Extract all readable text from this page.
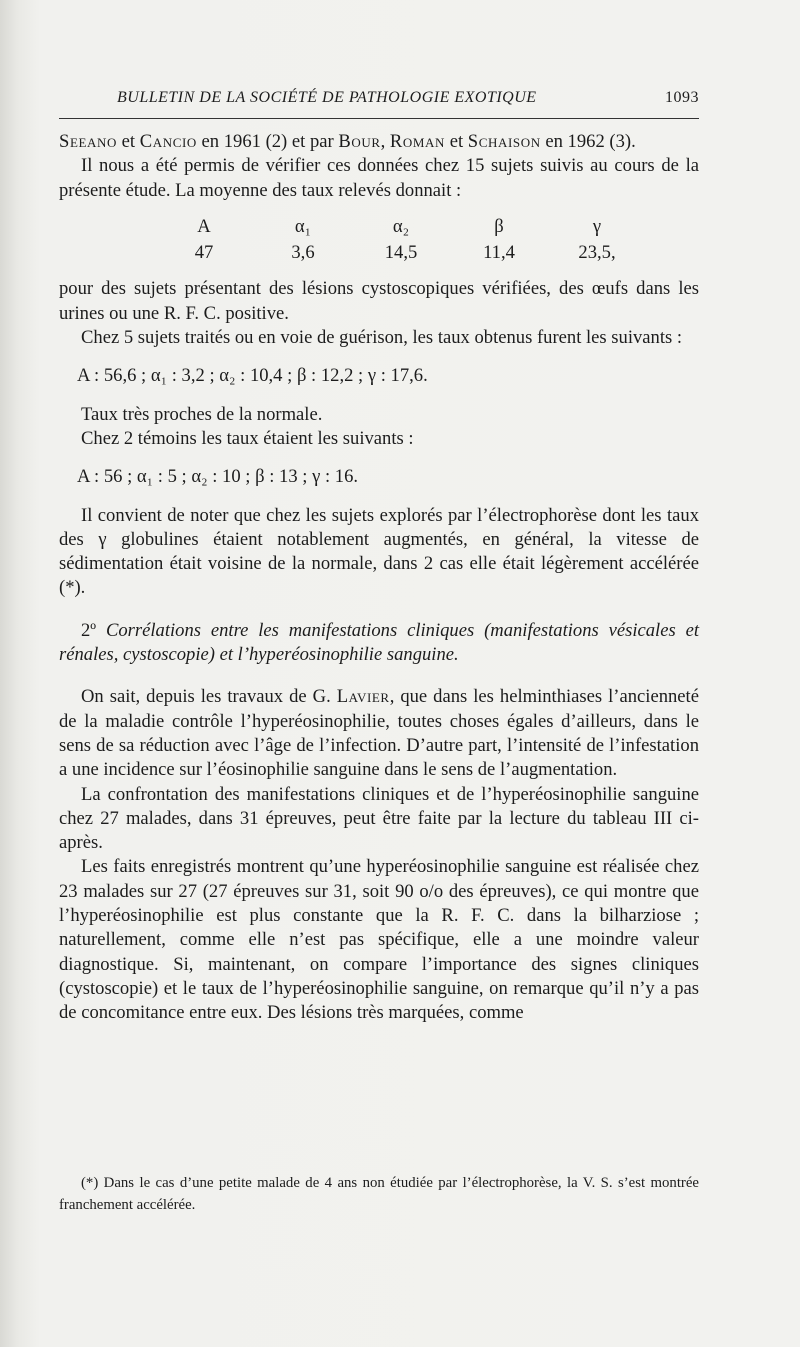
BULLETIN DE LA SOCIÉTÉ DE PATHOLOGIE EXOTIQUE	1093

Seeano et Cancio en 1961 (2) et par Bour, Roman et Schaison en 1962 (3).

Il nous a été permis de vérifier ces données chez 15 sujets suivis au cours de la présente étude. La moyenne des taux relevés donnait :

A	α₁	α₂	β	γ
47	3,6	14,5	11,4	23,5,

pour des sujets présentant des lésions cystoscopiques vérifiées, des œufs dans les urines ou une R. F. C. positive.

Chez 5 sujets traités ou en voie de guérison, les taux obtenus furent les suivants :

A : 56,6 ; α₁ : 3,2 ; α₂ : 10,4 ; β : 12,2 ; γ : 17,6.

Taux très proches de la normale.

Chez 2 témoins les taux étaient les suivants :

A : 56 ; α₁ : 5 ; α₂ : 10 ; β : 13 ; γ : 16.

Il convient de noter que chez les sujets explorés par l’électrophorèse dont les taux des γ globulines étaient notablement augmentés, en général, la vitesse de sédimentation était voisine de la normale, dans 2 cas elle était légèrement accélérée (*).

2º Corrélations entre les manifestations cliniques (manifestations vésicales et rénales, cystoscopie) et l’hyperéosinophilie sanguine.

On sait, depuis les travaux de G. Lavier, que dans les helminthiases l’ancienneté de la maladie contrôle l’hyperéosinophilie, toutes choses égales d’ailleurs, dans le sens de sa réduction avec l’âge de l’infection. D’autre part, l’intensité de l’infestation a une incidence sur l’éosinophilie sanguine dans le sens de l’augmentation.

La confrontation des manifestations cliniques et de l’hyperéosinophilie sanguine chez 27 malades, dans 31 épreuves, peut être faite par la lecture du tableau III ci-après.

Les faits enregistrés montrent qu’une hyperéosinophilie sanguine est réalisée chez 23 malades sur 27 (27 épreuves sur 31, soit 90 o/o des épreuves), ce qui montre que l’hyperéosinophilie est plus constante que la R. F. C. dans la bilharziose ; naturellement, comme elle n’est pas spécifique, elle a une moindre valeur diagnostique. Si, maintenant, on compare l’importance des signes cliniques (cystoscopie) et le taux de l’hyperéosinophilie sanguine, on remarque qu’il n’y a pas de concomitance entre eux. Des lésions très marquées, comme

(*) Dans le cas d’une petite malade de 4 ans non étudiée par l’électrophorèse, la V. S. s’est montrée franchement accélérée.
